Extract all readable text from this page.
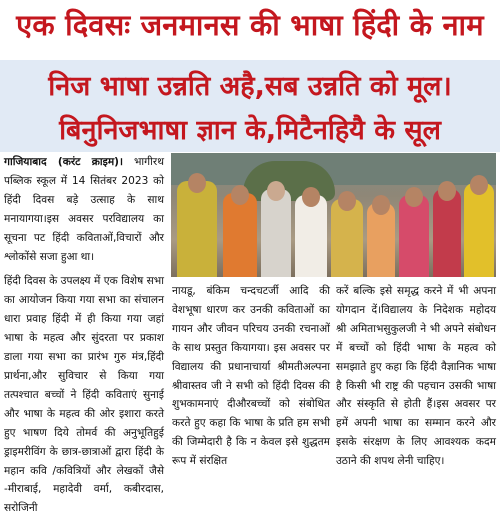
एक दिवसः जनमानस की भाषा हिंदी के नाम
निज भाषा उन्नति अहै,सब उन्नति को मूल।
बिनुनिजभाषा ज्ञान के,मिटैनहियै के सूल

गाजियाबाद (करंट क्राइम)। भागीरथ पब्लिक स्कूल में 14 सितंबर 2023 को हिंदी दिवस बड़े उत्साह के साथ मनायागया।इस अवसर परविद्यालय का सूचना पट हिंदी कविताओं,विचारों और श्लोकोंसे सजा हुआ था।

हिंदी दिवस के उपलक्ष्य में एक विशेष सभा का आयोजन किया गया सभा का संचालन धारा प्रवाह हिंदी में ही किया गया जहां भाषा के महत्व और सुंदरता पर प्रकाश डाला गया सभा का प्रारंभ गुरु मंत्र,हिंदी प्रार्थना,और सुविचार से किया गया तत्पश्चात बच्चों ने हिंदी कविताएं सुनाई और भाषा के महत्व की ओर इशारा करते हुए भाषण दिये तोमर्व की अनुभूतिहुई ड्राइमरीविंग के छात्र-छात्राओं द्वारा हिंदी के महान कवि /कवित्रियों और लेखकों जैसे -मीराबाई, महादेवी वर्मा, कबीरदास, सरोजिनी

नायडू, बंकिम चन्दचटर्जी आदि की वेशभूषा धारण कर उनकी कविताओं का गायन और जीवन परिचय उनकी रचनाओं के साथ प्रस्तुत कियागया। इस अवसर पर विद्यालय की प्रधानाचार्या श्रीमतीअल्पना श्रीवास्तव जी ने सभी को हिंदी दिवस की शुभकामनाएं दीऔरबच्चों को संबोधित करते हुए कहा कि भाषा के प्रति हम सभी की जिम्मेदारी है कि न केवल इसे शुद्धतम रूप में संरक्षित
करें बल्कि इसे समृद्ध करने में भी अपना योगदान दें।विद्यालय के निदेशक महोदय श्री अमिताभसुकुलजी ने भी अपने संबोधन में बच्चों को हिंदी भाषा के महत्व को समझाते हुए कहा कि हिंदी वैज्ञानिक भाषा है किसी भी राष्ट्र की पहचान उसकी भाषा और संस्कृति से होती हैं।इस अवसर पर हमें अपनी भाषा का सम्मान करने और इसके संरक्षण के लिए आवश्यक कदम उठाने की शपथ लेनी चाहिए।
